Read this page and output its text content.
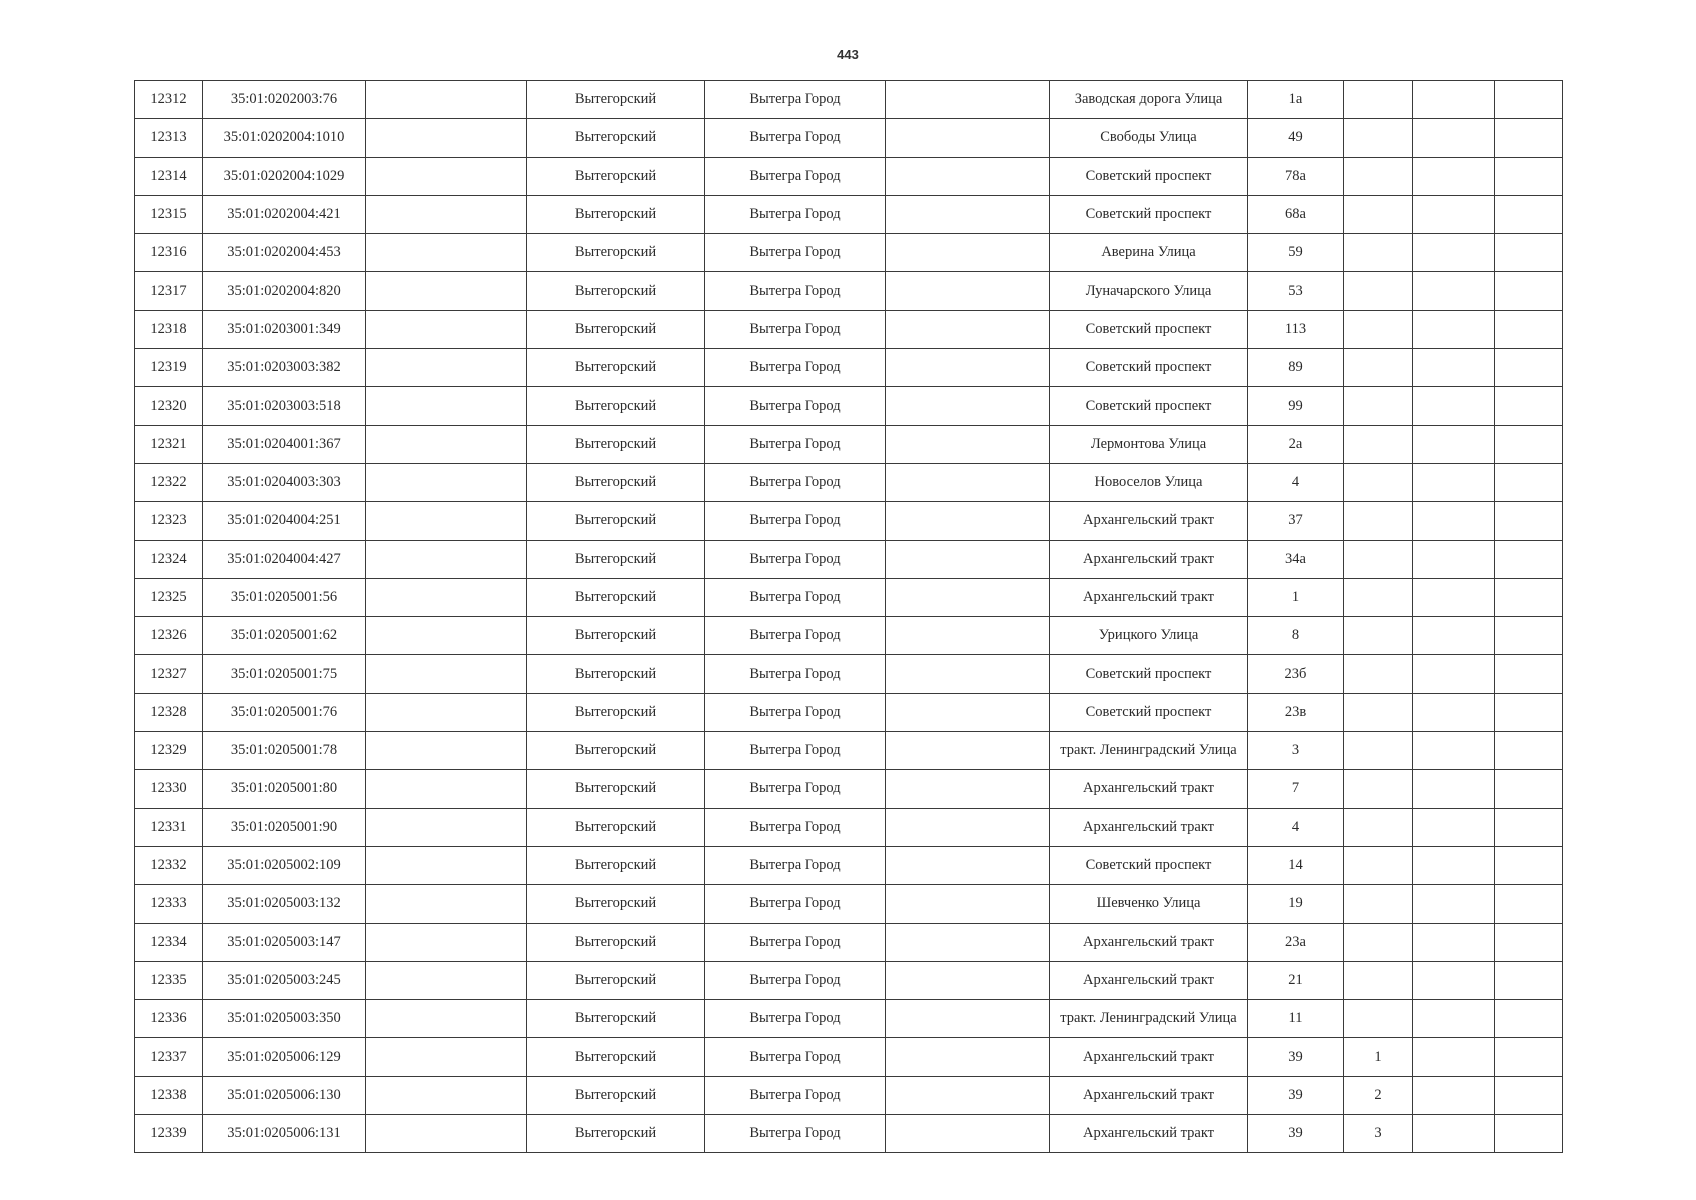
443
12312	35:01:0202003:76		Вытегорский	Вытегра Город		Заводская дорога Улица	1а			
12313	35:01:0202004:1010		Вытегорский	Вытегра Город		Свободы Улица	49			
12314	35:01:0202004:1029		Вытегорский	Вытегра Город		Советский проспект	78а			
12315	35:01:0202004:421		Вытегорский	Вытегра Город		Советский проспект	68а			
12316	35:01:0202004:453		Вытегорский	Вытегра Город		Аверина Улица	59			
12317	35:01:0202004:820		Вытегорский	Вытегра Город		Луначарского Улица	53			
12318	35:01:0203001:349		Вытегорский	Вытегра Город		Советский проспект	113			
12319	35:01:0203003:382		Вытегорский	Вытегра Город		Советский проспект	89			
12320	35:01:0203003:518		Вытегорский	Вытегра Город		Советский проспект	99			
12321	35:01:0204001:367		Вытегорский	Вытегра Город		Лермонтова Улица	2а			
12322	35:01:0204003:303		Вытегорский	Вытегра Город		Новоселов Улица	4			
12323	35:01:0204004:251		Вытегорский	Вытегра Город		Архангельский тракт	37			
12324	35:01:0204004:427		Вытегорский	Вытегра Город		Архангельский тракт	34а			
12325	35:01:0205001:56		Вытегорский	Вытегра Город		Архангельский тракт	1			
12326	35:01:0205001:62		Вытегорский	Вытегра Город		Урицкого Улица	8			
12327	35:01:0205001:75		Вытегорский	Вытегра Город		Советский проспект	23б			
12328	35:01:0205001:76		Вытегорский	Вытегра Город		Советский проспект	23в			
12329	35:01:0205001:78		Вытегорский	Вытегра Город		тракт. Ленинградский Улица	3			
12330	35:01:0205001:80		Вытегорский	Вытегра Город		Архангельский тракт	7			
12331	35:01:0205001:90		Вытегорский	Вытегра Город		Архангельский тракт	4			
12332	35:01:0205002:109		Вытегорский	Вытегра Город		Советский проспект	14			
12333	35:01:0205003:132		Вытегорский	Вытегра Город		Шевченко Улица	19			
12334	35:01:0205003:147		Вытегорский	Вытегра Город		Архангельский тракт	23а			
12335	35:01:0205003:245		Вытегорский	Вытегра Город		Архангельский тракт	21			
12336	35:01:0205003:350		Вытегорский	Вытегра Город		тракт. Ленинградский Улица	11			
12337	35:01:0205006:129		Вытегорский	Вытегра Город		Архангельский тракт	39	1		
12338	35:01:0205006:130		Вытегорский	Вытегра Город		Архангельский тракт	39	2		
12339	35:01:0205006:131		Вытегорский	Вытегра Город		Архангельский тракт	39	3		
